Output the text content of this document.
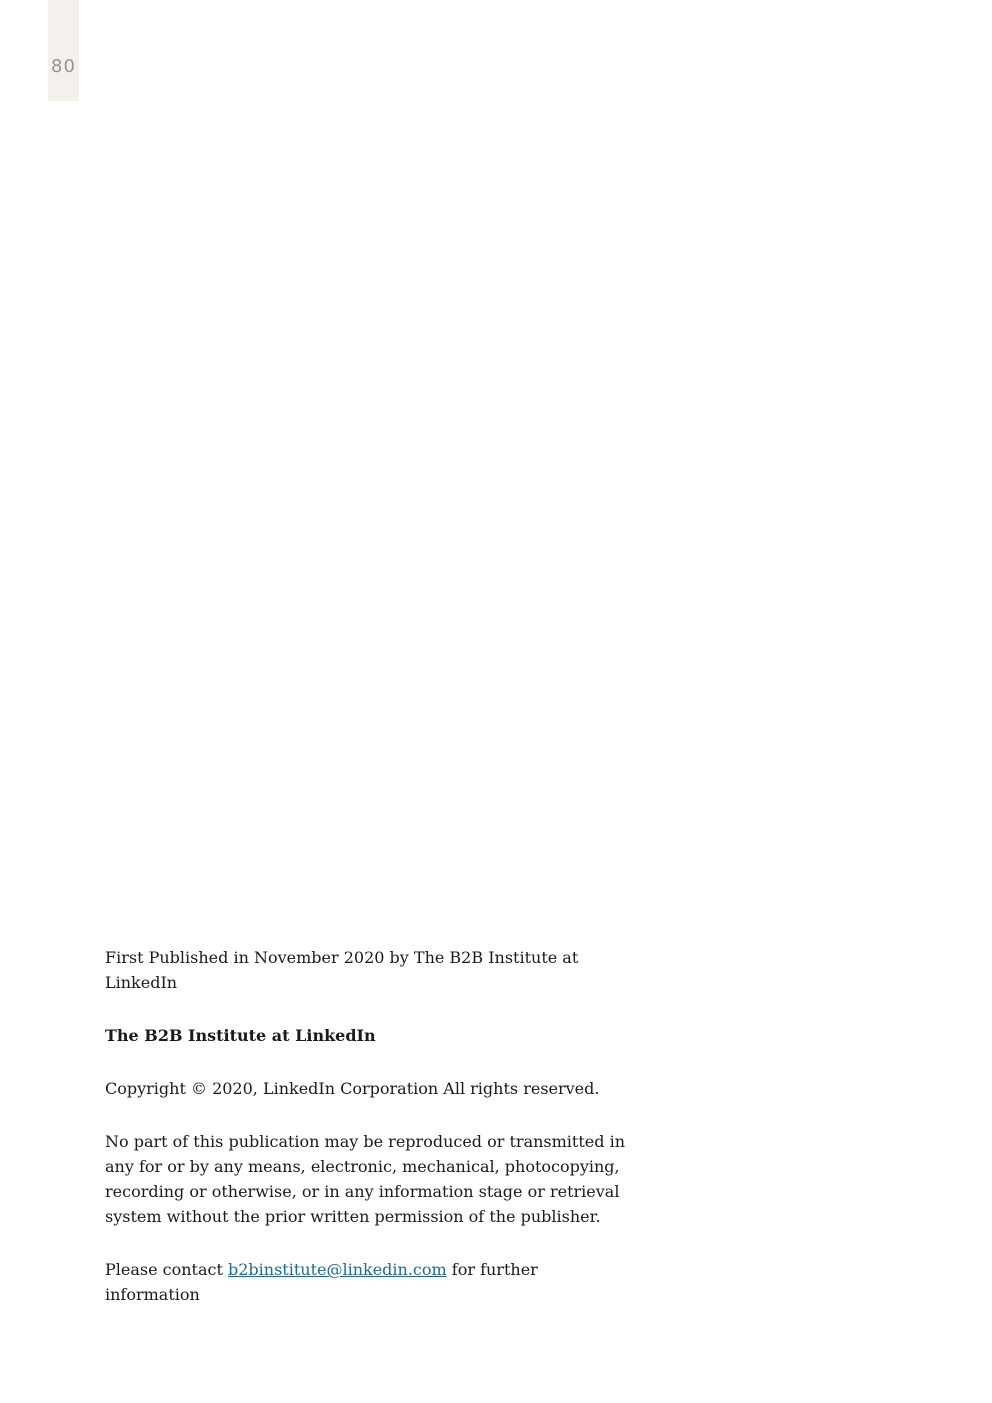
80

First Published in November 2020 by The B2B Institute at LinkedIn

The B2B Institute at LinkedIn

Copyright © 2020, LinkedIn Corporation All rights reserved.

No part of this publication may be reproduced or transmitted in any for or by any means, electronic, mechanical, photocopying, recording or otherwise, or in any information stage or retrieval system without the prior written permission of the publisher.

Please contact b2binstitute@linkedin.com for further information
